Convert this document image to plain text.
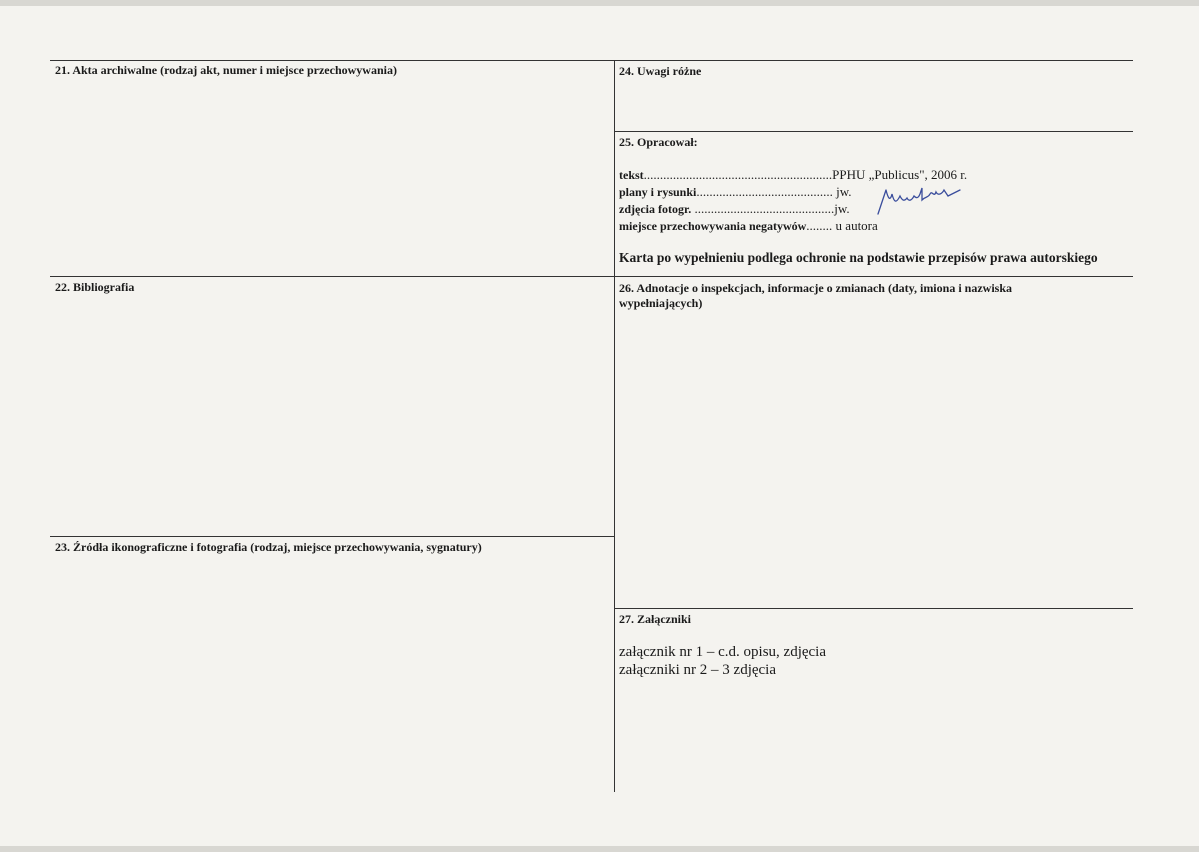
21. Akta archiwalne (rodzaj akt, numer i miejsce przechowywania)
22. Bibliografia
23. Źródła ikonograficzne i fotografia (rodzaj, miejsce przechowywania, sygnatury)
24. Uwagi różne
25. Opracował:
tekst..........................................................PPHU „Publicus", 2006 r.
plany i rysunki.......................................... jw.
zdjęcia fotogr. ...........................................jw.
miejsce przechowywania negatywów........ u autora
Karta po wypełnieniu podlega ochronie na podstawie przepisów prawa autorskiego
26. Adnotacje o inspekcjach, informacje o zmianach (daty, imiona i nazwiska
wypełniających)
27. Załączniki
załącznik nr 1 – c.d. opisu, zdjęcia
załączniki nr 2 – 3 zdjęcia
